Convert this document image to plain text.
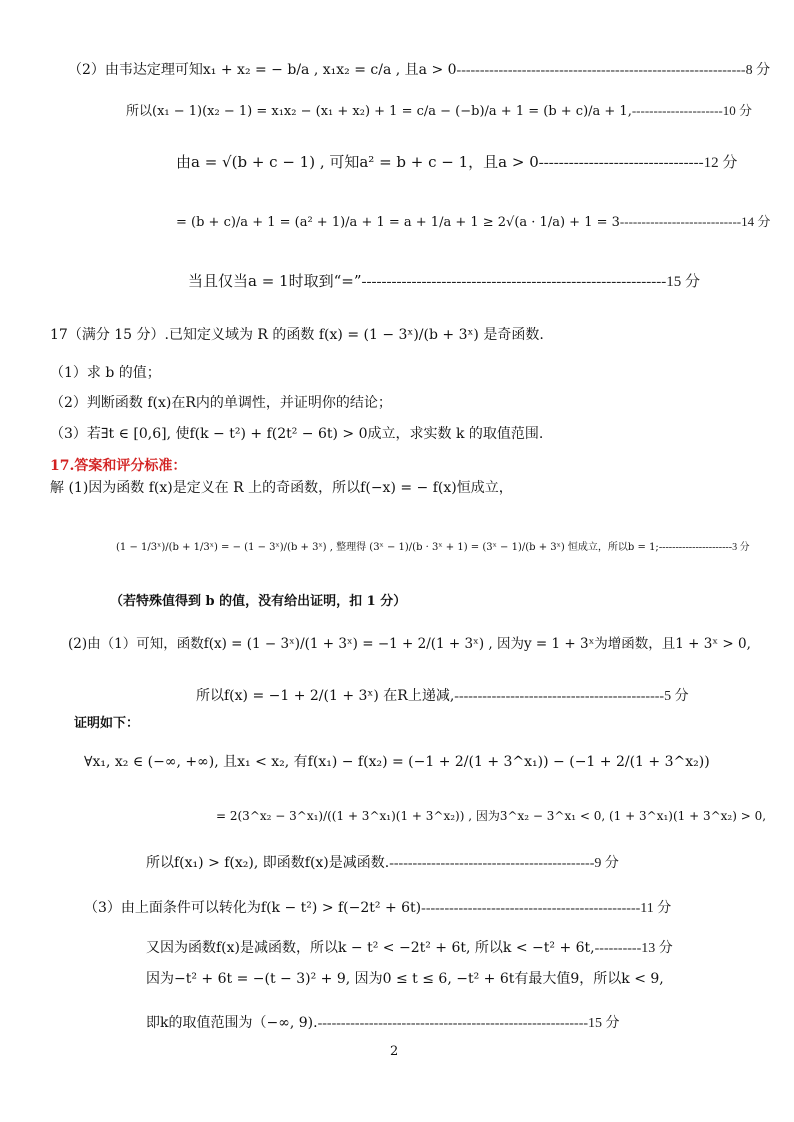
（2）由韦达定理可知x₁ + x₂ = − b/a , x₁x₂ = c/a , 且a > 0--------------------------------------------------------------8 分
所以(x₁ − 1)(x₂ − 1) = x₁x₂ − (x₁ + x₂) + 1 = c/a − (−b)/a + 1 = (b + c)/a + 1,---------------------10 分
由a = √(b + c − 1) , 可知a² = b + c − 1，且a > 0---------------------------------12 分
= (b + c)/a + 1 = (a² + 1)/a + 1 = a + 1/a + 1 ≥ 2√(a · 1/a) + 1 = 3----------------------------14 分
当且仅当a = 1时取到“=”-------------------------------------------------------------15 分
17（满分 15 分）.已知定义域为 R 的函数 f(x) = (1 − 3ˣ)/(b + 3ˣ) 是奇函数.
（1）求 b 的值；
（2）判断函数 f(x)在R内的单调性，并证明你的结论；
（3）若∃t ∈ [0,6], 使f(k − t²) + f(2t² − 6t) > 0成立，求实数 k 的取值范围.
17.答案和评分标准：
解 (1)因为函数 f(x)是定义在 R 上的奇函数，所以f(−x) = − f(x)恒成立，
(1 − 1/3ˣ)/(b + 1/3ˣ) = − (1 − 3ˣ)/(b + 3ˣ) , 整理得 (3ˣ − 1)/(b · 3ˣ + 1) = (3ˣ − 1)/(b + 3ˣ) 恒成立，所以b = 1;----------------------3 分
（若特殊值得到 b 的值，没有给出证明，扣 1 分）
(2)由（1）可知，函数f(x) = (1 − 3ˣ)/(1 + 3ˣ) = −1 + 2/(1 + 3ˣ) , 因为y = 1 + 3ˣ为增函数，且1 + 3ˣ > 0,
所以f(x) = −1 + 2/(1 + 3ˣ) 在R上递减,---------------------------------------------5 分
证明如下：
∀x₁, x₂ ∈ (−∞, +∞), 且x₁ < x₂, 有f(x₁) − f(x₂) = (−1 + 2/(1 + 3^x₁)) − (−1 + 2/(1 + 3^x₂))
= 2(3^x₂ − 3^x₁)/((1 + 3^x₁)(1 + 3^x₂)) , 因为3^x₂ − 3^x₁ < 0, (1 + 3^x₁)(1 + 3^x₂) > 0,
所以f(x₁) > f(x₂), 即函数f(x)是减函数.--------------------------------------------9 分
（3）由上面条件可以转化为f(k − t²) > f(−2t² + 6t)-----------------------------------------------11 分
又因为函数f(x)是减函数，所以k − t² < −2t² + 6t, 所以k < −t² + 6t,----------13 分
因为−t² + 6t = −(t − 3)² + 9, 因为0 ≤ t ≤ 6, −t² + 6t有最大值9，所以k < 9,
即k的取值范围为（−∞, 9).----------------------------------------------------------15 分
2
